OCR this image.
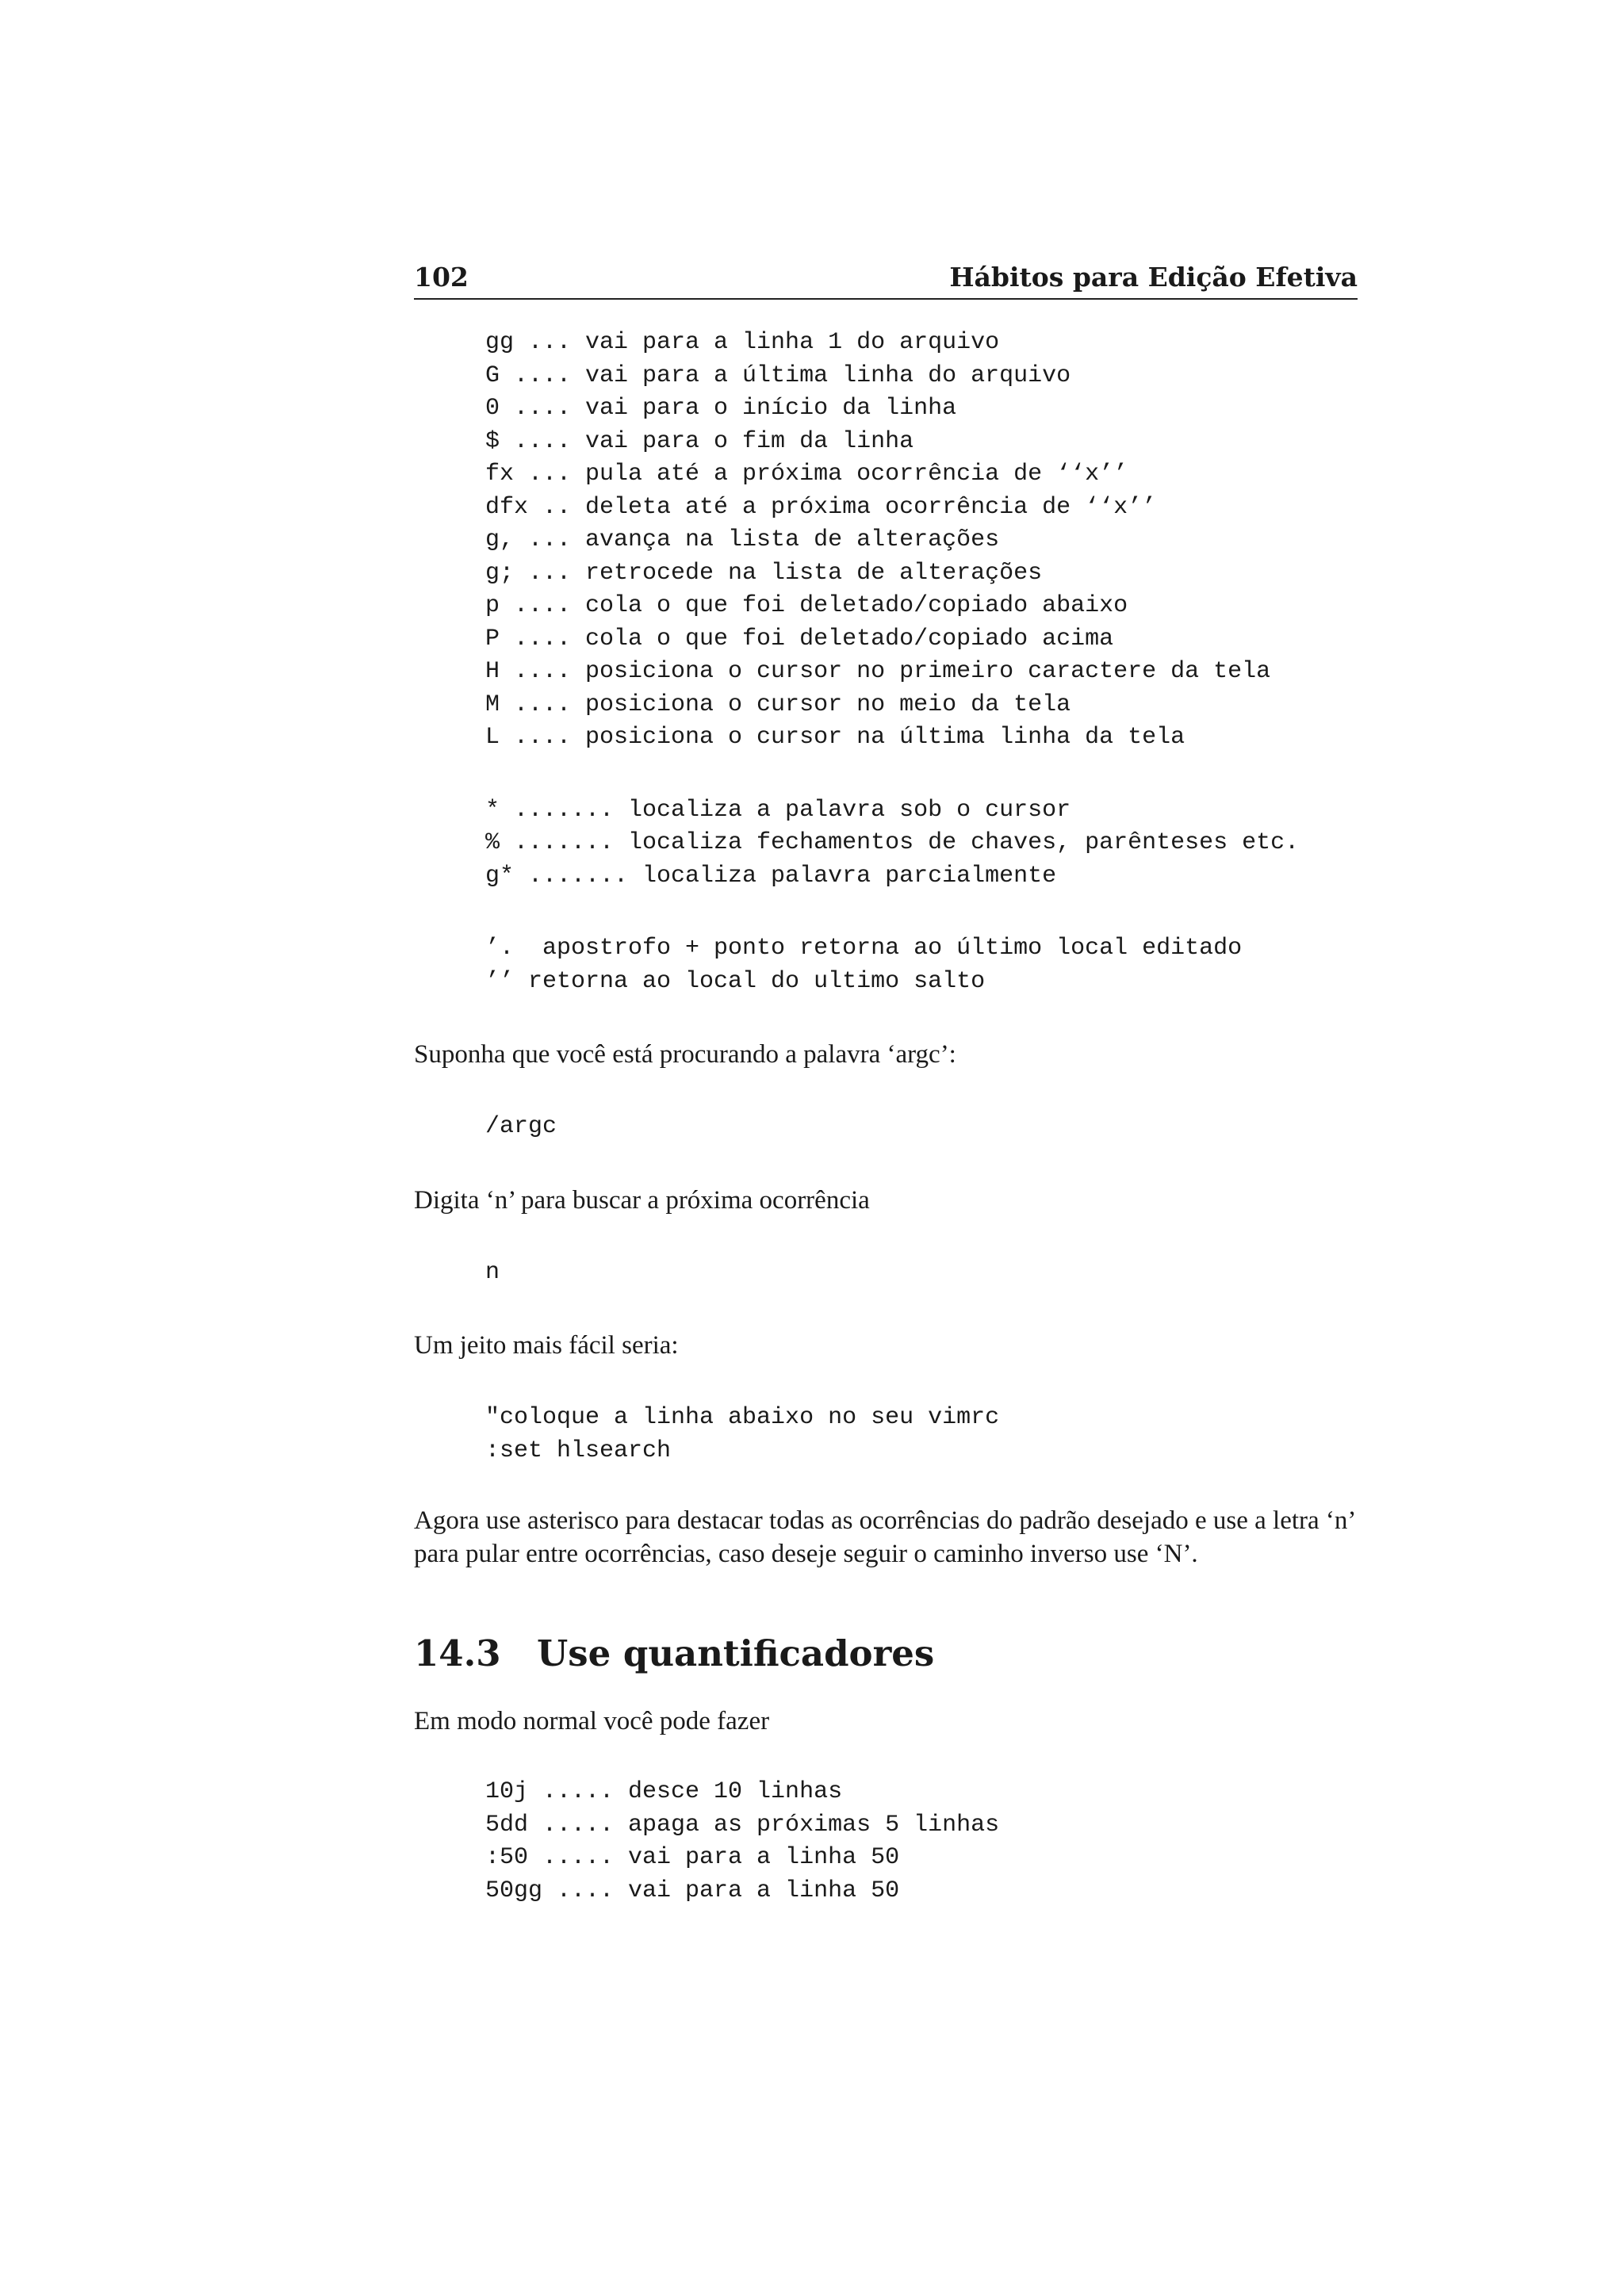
102	Hábitos para Edição Efetiva
gg ... vai para a linha 1 do arquivo
G .... vai para a última linha do arquivo
0 .... vai para o início da linha
$ .... vai para o fim da linha
fx ... pula até a próxima ocorrência de ‘‘x’’
dfx .. deleta até a próxima ocorrência de ‘‘x’’
g, ... avança na lista de alterações
g; ... retrocede na lista de alterações
p .... cola o que foi deletado/copiado abaixo
P .... cola o que foi deletado/copiado acima
H .... posiciona o cursor no primeiro caractere da tela
M .... posiciona o cursor no meio da tela
L .... posiciona o cursor na última linha da tela
* ....... localiza a palavra sob o cursor
% ....... localiza fechamentos de chaves, parênteses etc.
g* ....... localiza palavra parcialmente
’.  apostrofo + ponto retorna ao último local editado
’’ retorna ao local do ultimo salto

Suponha que você está procurando a palavra ‘argc’:

/argc

Digita ‘n’ para buscar a próxima ocorrência

n

Um jeito mais fácil seria:

"coloque a linha abaixo no seu vimrc
:set hlsearch

Agora use asterisco para destacar todas as ocorrências do padrão desejado e use a letra ‘n’ para pular entre ocorrências, caso deseje seguir o caminho inverso use ‘N’.

14.3	Use quantificadores

Em modo normal você pode fazer

10j ..... desce 10 linhas
5dd ..... apaga as próximas 5 linhas
:50 ..... vai para a linha 50
50gg .... vai para a linha 50
